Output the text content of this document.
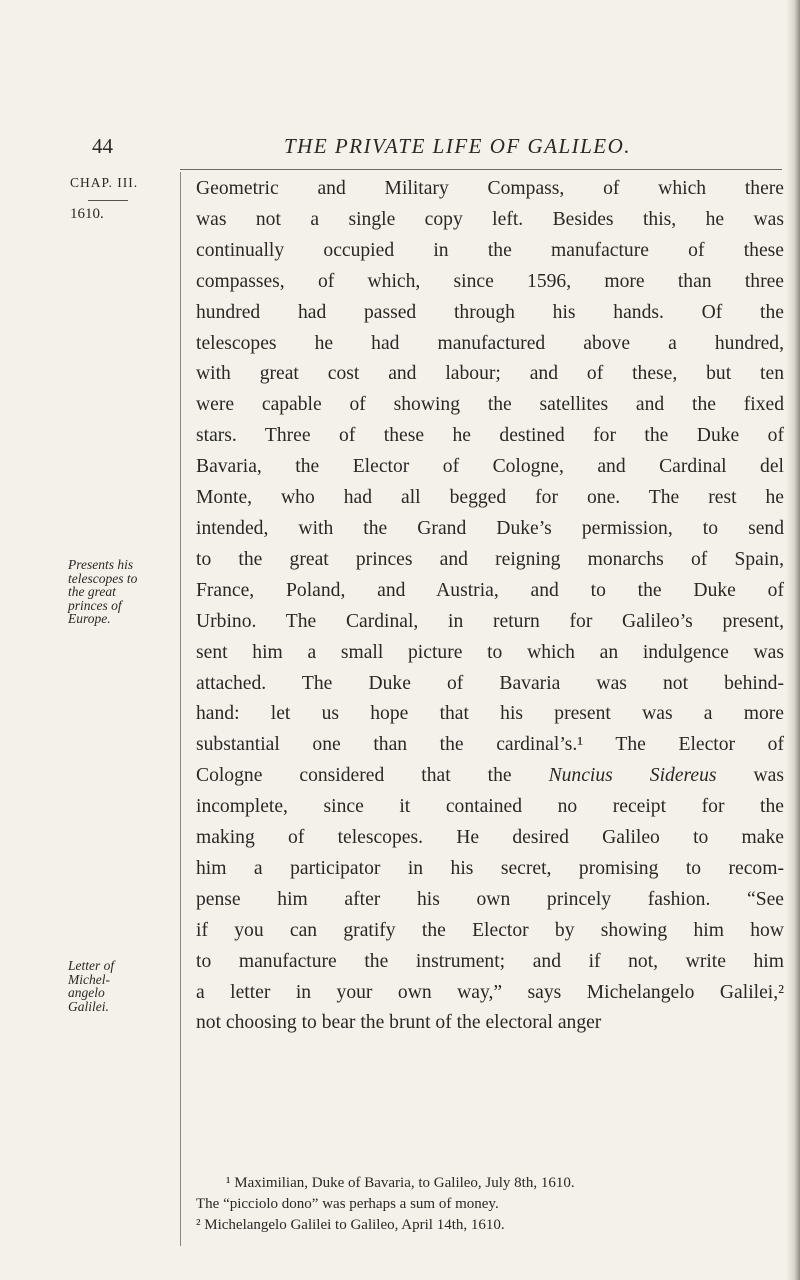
44	THE PRIVATE LIFE OF GALILEO.
CHAP. III.
1610.
Presents his
telescopes to
the great
princes of
Europe.
Letter of
Michel-
angelo
Galilei.
Geometric and Military Compass, of which there
was not a single copy left. Besides this, he was
continually occupied in the manufacture of these
compasses, of which, since 1596, more than three
hundred had passed through his hands. Of the
telescopes he had manufactured above a hundred,
with great cost and labour; and of these, but ten
were capable of showing the satellites and the fixed
stars. Three of these he destined for the Duke of
Bavaria, the Elector of Cologne, and Cardinal del
Monte, who had all begged for one. The rest he
intended, with the Grand Duke’s permission, to send
to the great princes and reigning monarchs of Spain,
France, Poland, and Austria, and to the Duke of
Urbino. The Cardinal, in return for Galileo’s present,
sent him a small picture to which an indulgence was
attached. The Duke of Bavaria was not behind-
hand: let us hope that his present was a more
substantial one than the cardinal’s.¹ The Elector of
Cologne considered that the Nuncius Sidereus was
incomplete, since it contained no receipt for the
making of telescopes. He desired Galileo to make
him a participator in his secret, promising to recom-
pense him after his own princely fashion. “See
if you can gratify the Elector by showing him how
to manufacture the instrument; and if not, write him
a letter in your own way,” says Michelangelo Galilei,²
not choosing to bear the brunt of the electoral anger
¹ Maximilian, Duke of Bavaria, to Galileo, July 8th, 1610.
The “picciolo dono” was perhaps a sum of money.
² Michelangelo Galilei to Galileo, April 14th, 1610.
